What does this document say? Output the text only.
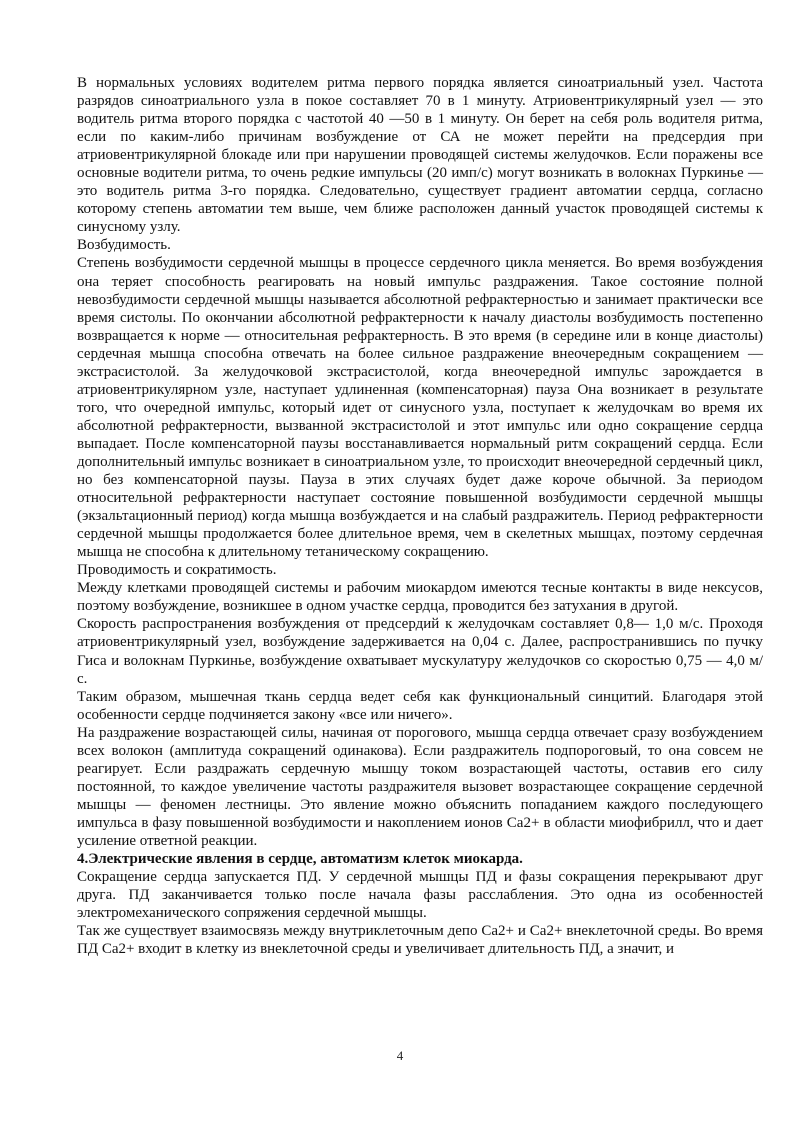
В нормальных условиях водителем ритма первого порядка является синоатриальный узел. Частота разрядов синоатриального узла в покое составляет 70 в 1 минуту. Атриовентрикулярный узел — это водитель ритма второго порядка с частотой 40 —50 в 1 минуту. Он берет на себя роль водителя ритма, если по каким-либо причинам возбуждение от СА не может перейти на предсердия при атриовентрикулярной блокаде или при нарушении проводящей системы желудочков. Если поражены все основные водители ритма, то очень редкие импульсы (20 имп/с) могут возникать в волокнах Пуркинье — это водитель ритма 3-го порядка. Следовательно, существует градиент автоматии сердца, согласно которому степень автоматии тем выше, чем ближе расположен данный участок проводящей системы к синусному узлу.

Возбудимость.

Степень возбудимости сердечной мышцы в процессе сердечного цикла меняется. Во время возбуждения она теряет способность реагировать на новый импульс раздражения. Такое состояние полной невозбудимости сердечной мышцы называется абсолютной рефрактерностью и занимает практически все время систолы. По окончании абсолютной рефрактерности к началу диастолы возбудимость постепенно возвращается к норме — относительная рефрактерность. В это время (в середине или в конце диастолы) сердечная мышца способна отвечать на более сильное раздражение внеочередным сокращением — экстрасистолой. За желудочковой экстрасистолой, когда внеочередной импульс зарождается в атриовентрикулярном узле, наступает удлиненная (компенсаторная) пауза Она возникает в результате того, что очередной импульс, который идет от синусного узла, поступает к желудочкам во время их абсолютной рефрактерности, вызванной экстрасистолой и этот импульс или одно сокращение сердца выпадает. После компенсаторной паузы восстанавливается нормальный ритм сокращений сердца. Если дополнительный импульс возникает в синоатриальном узле, то происходит внеочередной сердечный цикл, но без компенсаторной паузы. Пауза в этих случаях будет даже короче обычной. За периодом относительной рефрактерности наступает состояние повышенной возбудимости сердечной мышцы (экзальтационный период) когда мышца возбуждается и на слабый раздражитель. Период рефрактерности сердечной мышцы продолжается более длительное время, чем в скелетных мышцах, поэтому сердечная мышца не способна к длительному тетаническому сокращению.

Проводимость и сократимость.

Между клетками проводящей системы и рабочим миокардом имеются тесные контакты в виде нексусов, поэтому возбуждение, возникшее в одном участке сердца, проводится без затухания в другой.

Скорость распространения возбуждения от предсердий к желудочкам составляет 0,8— 1,0 м/с. Проходя атриовентрикулярный узел, возбуждение задерживается на 0,04 с. Далее, распространившись по пучку Гиса и волокнам Пуркинье, возбуждение охватывает мускулатуру желудочков со скоростью 0,75 — 4,0 м/с.

Таким образом, мышечная ткань сердца ведет себя как функциональный синцитий. Благодаря этой особенности сердце подчиняется закону «все или ничего».

На раздражение возрастающей силы, начиная от порогового, мышца сердца отвечает сразу возбуждением всех волокон (амплитуда сокращений одинакова). Если раздражитель подпороговый, то она совсем не реагирует. Если раздражать сердечную мышцу током возрастающей частоты, оставив его силу постоянной, то каждое увеличение частоты раздражителя вызовет возрастающее сокращение сердечной мышцы — феномен лестницы. Это явление можно объяснить попаданием каждого последующего импульса в фазу повышенной возбудимости и накоплением ионов Са2+ в области миофибрилл, что и дает усиление ответной реакции.

4.Электрические явления в сердце, автоматизм клеток миокарда.

Сокращение сердца запускается ПД. У сердечной мышцы ПД и фазы сокращения перекрывают друг друга. ПД заканчивается только после начала фазы расслабления. Это одна из особенностей электромеханического сопряжения сердечной мышцы.

Так же существует взаимосвязь между внутриклеточным депо Са2+ и Са2+ внеклеточной среды. Во время ПД Са2+ входит в клетку из внеклеточной среды и увеличивает длительность ПД, а значит, и

4
